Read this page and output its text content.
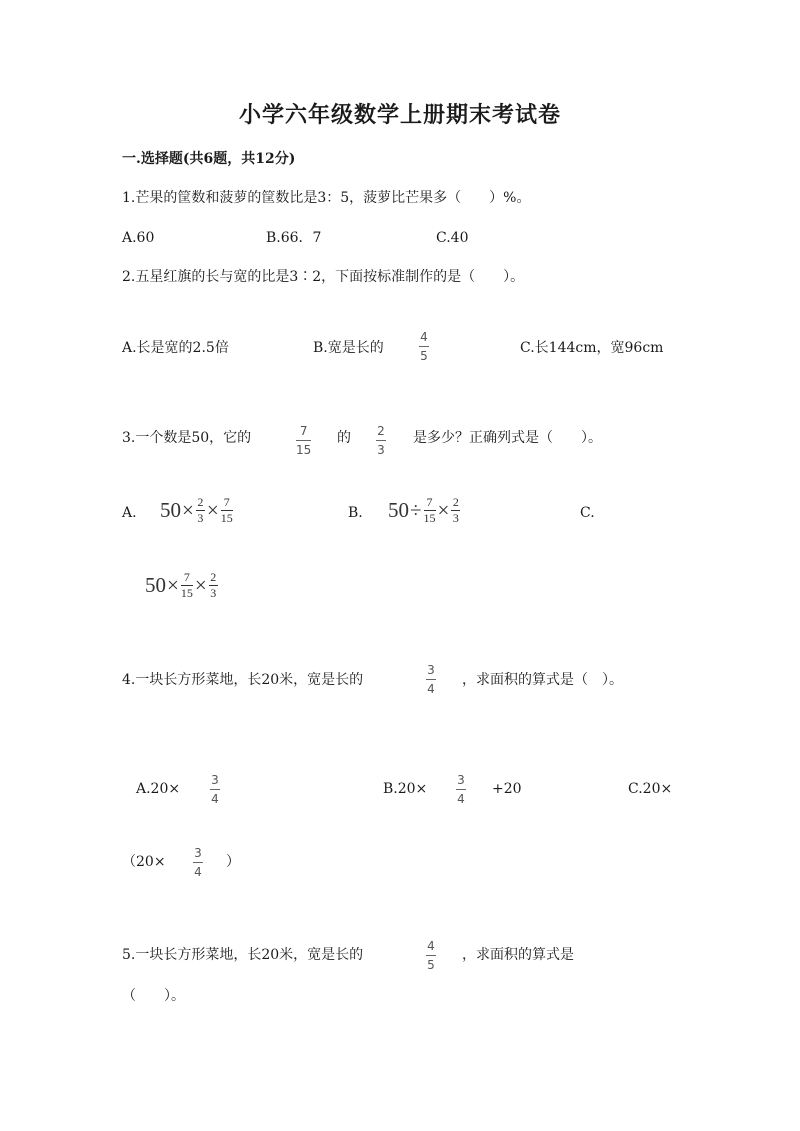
小学六年级数学上册期末考试卷
一.选择题(共6题，共12分)
1.芒果的筐数和菠萝的筐数比是3：5，菠萝比芒果多（　　）%。
A.60	B.66．7	C.40
2.五星红旗的长与宽的比是3∶2，下面按标准制作的是（　　）。
A.长是宽的2.5倍	B.宽是长的
4
5	C.长144cm，宽96cm
3.一个数是50，它的	7
15
的 2
3
是多少？正确列式是（　　）。
A. 50 × 2
3 × 7
15	B. 50 ÷ 7
15 × 2
3	C.
50 × 7
15 × 2
3
4.一块长方形菜地，长20米，宽是长的
3
4
，求面积的算式是（　）。
A.20×
3
4
B.20×
3
4
+20	C.20×
（20×
3
4
）
5.一块长方形菜地，长20米，宽是长的
4
5
，求面积的算式是
（　　）。
